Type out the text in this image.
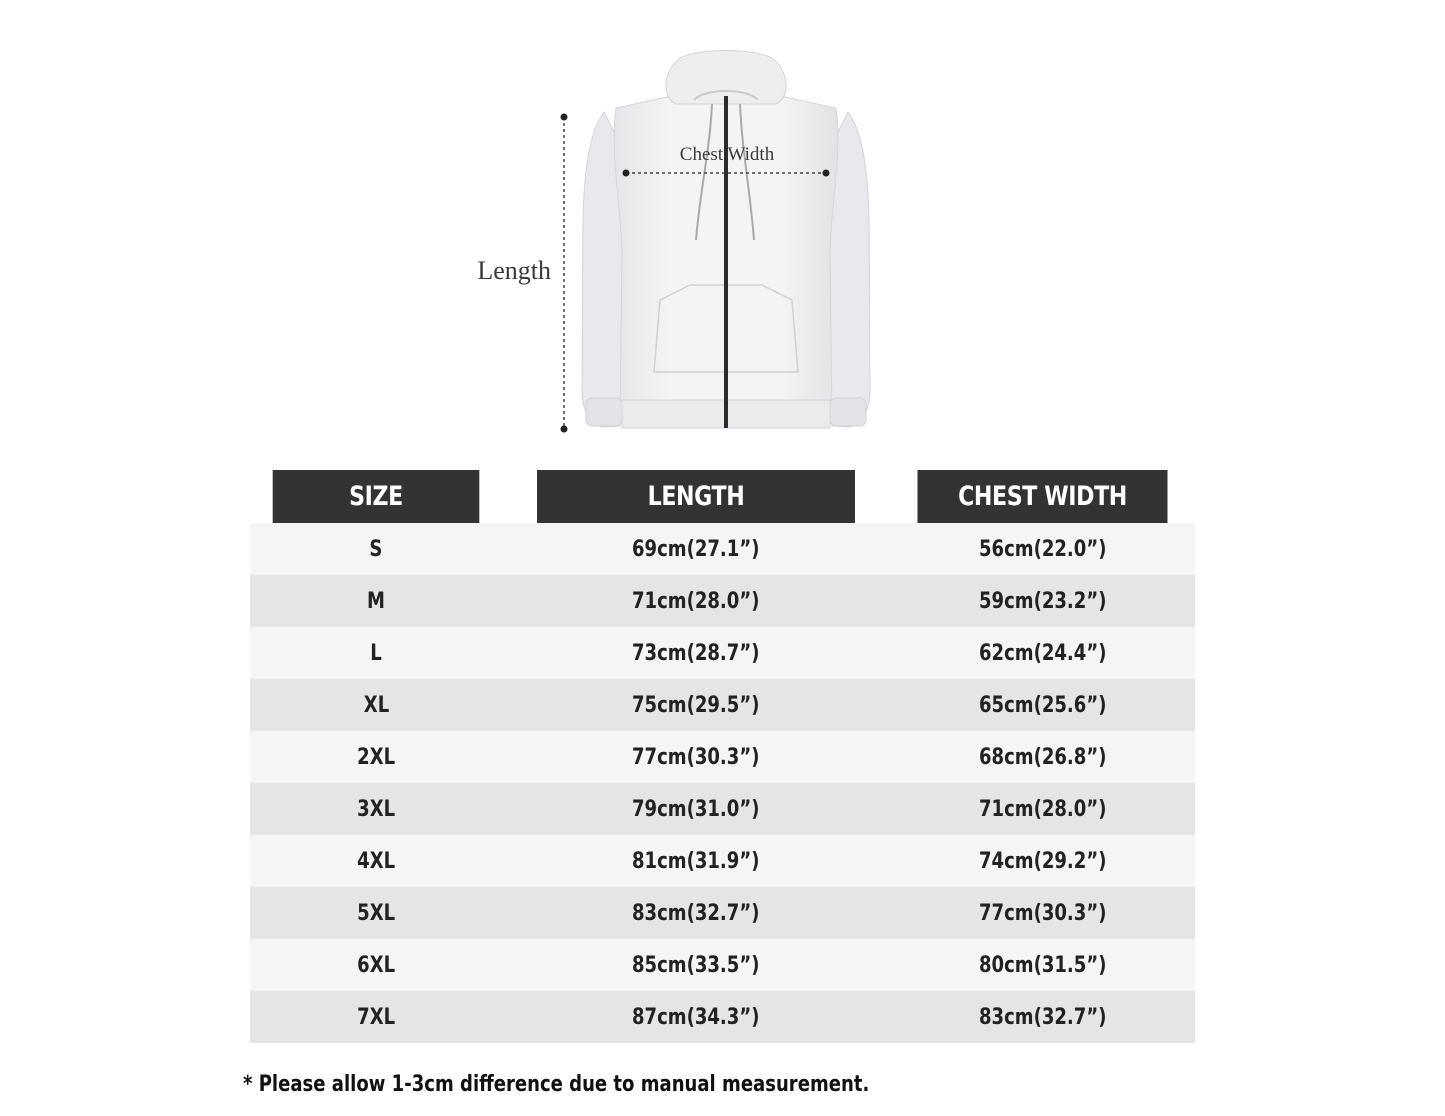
Chest Width
Length
SIZE	LENGTH	CHEST WIDTH
S	69cm(27.1”)	56cm(22.0”)
M	71cm(28.0”)	59cm(23.2”)
L	73cm(28.7”)	62cm(24.4”)
XL	75cm(29.5”)	65cm(25.6”)
2XL	77cm(30.3”)	68cm(26.8”)
3XL	79cm(31.0”)	71cm(28.0”)
4XL	81cm(31.9”)	74cm(29.2”)
5XL	83cm(32.7”)	77cm(30.3”)
6XL	85cm(33.5”)	80cm(31.5”)
7XL	87cm(34.3”)	83cm(32.7”)
* Please allow 1-3cm difference due to manual measurement.
